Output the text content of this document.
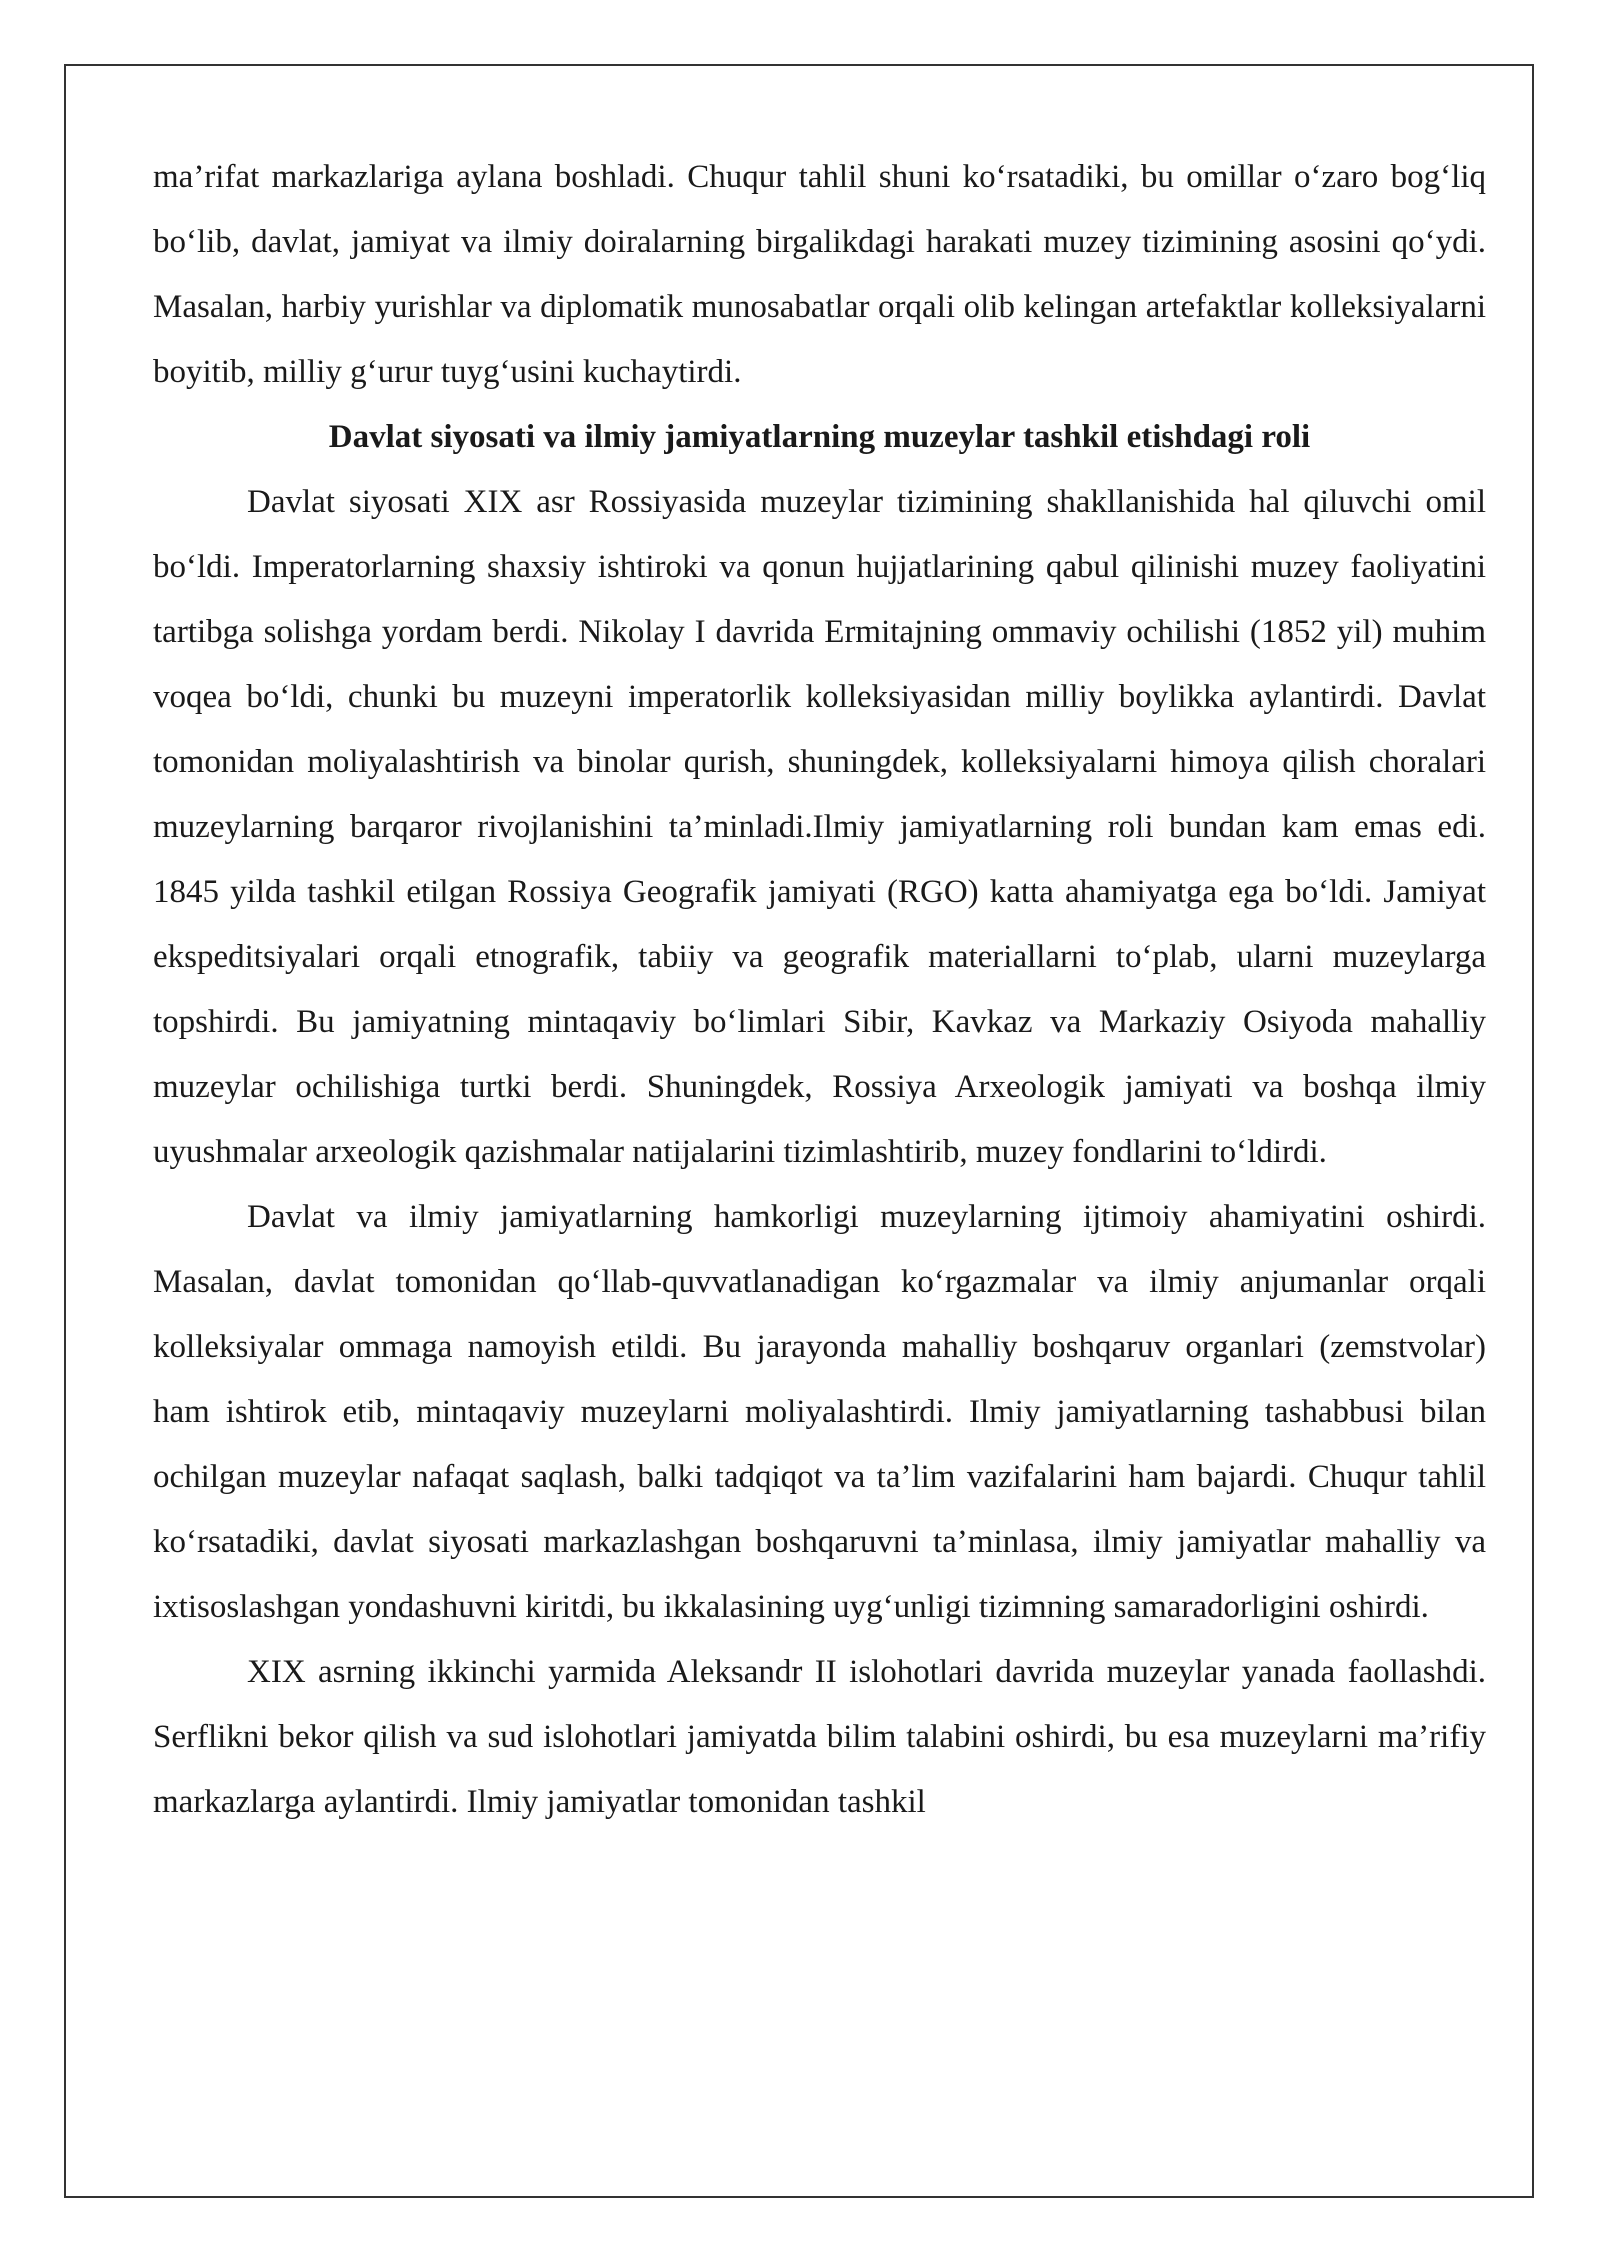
ma’rifat markazlariga aylana boshladi. Chuqur tahlil shuni ko‘rsatadiki, bu omillar o‘zaro bog‘liq bo‘lib, davlat, jamiyat va ilmiy doiralarning birgalikdagi harakati muzey tizimining asosini qo‘ydi. Masalan, harbiy yurishlar va diplomatik munosabatlar orqali olib kelingan artefaktlar kolleksiyalarni boyitib, milliy g‘urur tuyg‘usini kuchaytirdi.

Davlat siyosati va ilmiy jamiyatlarning muzeylar tashkil etishdagi roli

Davlat siyosati XIX asr Rossiyasida muzeylar tizimining shakllanishida hal qiluvchi omil bo‘ldi. Imperatorlarning shaxsiy ishtiroki va qonun hujjatlarining qabul qilinishi muzey faoliyatini tartibga solishga yordam berdi. Nikolay I davrida Ermitajning ommaviy ochilishi (1852 yil) muhim voqea bo‘ldi, chunki bu muzeyni imperatorlik kolleksiyasidan milliy boylikka aylantirdi. Davlat tomonidan moliyalashtirish va binolar qurish, shuningdek, kolleksiyalarni himoya qilish choralari muzeylarning barqaror rivojlanishini ta’minladi.Ilmiy jamiyatlarning roli bundan kam emas edi. 1845 yilda tashkil etilgan Rossiya Geografik jamiyati (RGO) katta ahamiyatga ega bo‘ldi. Jamiyat ekspeditsiyalari orqali etnografik, tabiiy va geografik materiallarni to‘plab, ularni muzeylarga topshirdi. Bu jamiyatning mintaqaviy bo‘limlari Sibir, Kavkaz va Markaziy Osiyoda mahalliy muzeylar ochilishiga turtki berdi. Shuningdek, Rossiya Arxeologik jamiyati va boshqa ilmiy uyushmalar arxeologik qazishmalar natijalarini tizimlashtirib, muzey fondlarini to‘ldirdi.

Davlat va ilmiy jamiyatlarning hamkorligi muzeylarning ijtimoiy ahamiyatini oshirdi. Masalan, davlat tomonidan qo‘llab-quvvatlanadigan ko‘rgazmalar va ilmiy anjumanlar orqali kolleksiyalar ommaga namoyish etildi. Bu jarayonda mahalliy boshqaruv organlari (zemstvolar) ham ishtirok etib, mintaqaviy muzeylarni moliyalashtirdi. Ilmiy jamiyatlarning tashabbusi bilan ochilgan muzeylar nafaqat saqlash, balki tadqiqot va ta’lim vazifalarini ham bajardi. Chuqur tahlil ko‘rsatadiki, davlat siyosati markazlashgan boshqaruvni ta’minlasa, ilmiy jamiyatlar mahalliy va ixtisoslashgan yondashuvni kiritdi, bu ikkalasining uyg‘unligi tizimning samaradorligini oshirdi.

XIX asrning ikkinchi yarmida Aleksandr II islohotlari davrida muzeylar yanada faollashdi. Serflikni bekor qilish va sud islohotlari jamiyatda bilim talabini oshirdi, bu esa muzeylarni ma’rifiy markazlarga aylantirdi. Ilmiy jamiyatlar tomonidan tashkil
